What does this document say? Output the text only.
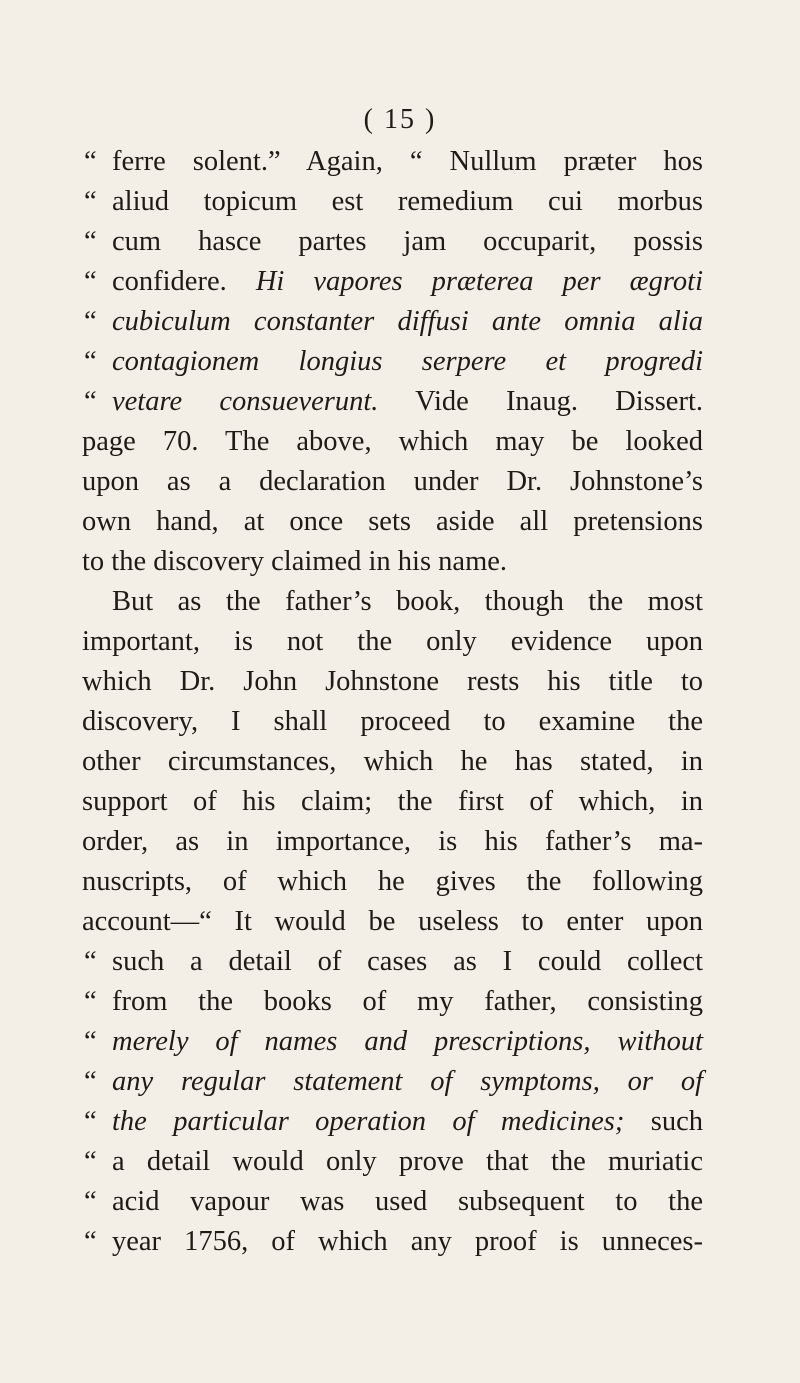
( 15 )
“ ferre solent.” Again, “ Nullum præter hos
“ aliud topicum est remedium cui morbus
“ cum hasce partes jam occuparit, possis
“ confidere. Hi vapores præterea per ægroti
“ cubiculum constanter diffusi ante omnia alia
“ contagionem longius serpere et progredi
“ vetare consueverunt. Vide Inaug. Dissert.
page 70. The above, which may be looked
upon as a declaration under Dr. Johnstone’s
own hand, at once sets aside all pretensions
to the discovery claimed in his name.
But as the father’s book, though the most
important, is not the only evidence upon
which Dr. John Johnstone rests his title to
discovery, I shall proceed to examine the
other circumstances, which he has stated, in
support of his claim; the first of which, in
order, as in importance, is his father’s ma-
nuscripts, of which he gives the following
account—“ It would be useless to enter upon
“ such a detail of cases as I could collect
“ from the books of my father, consisting
“ merely of names and prescriptions, without
“ any regular statement of symptoms, or of
“ the particular operation of medicines; such
“ a detail would only prove that the muriatic
“ acid vapour was used subsequent to the
“ year 1756, of which any proof is unneces-
